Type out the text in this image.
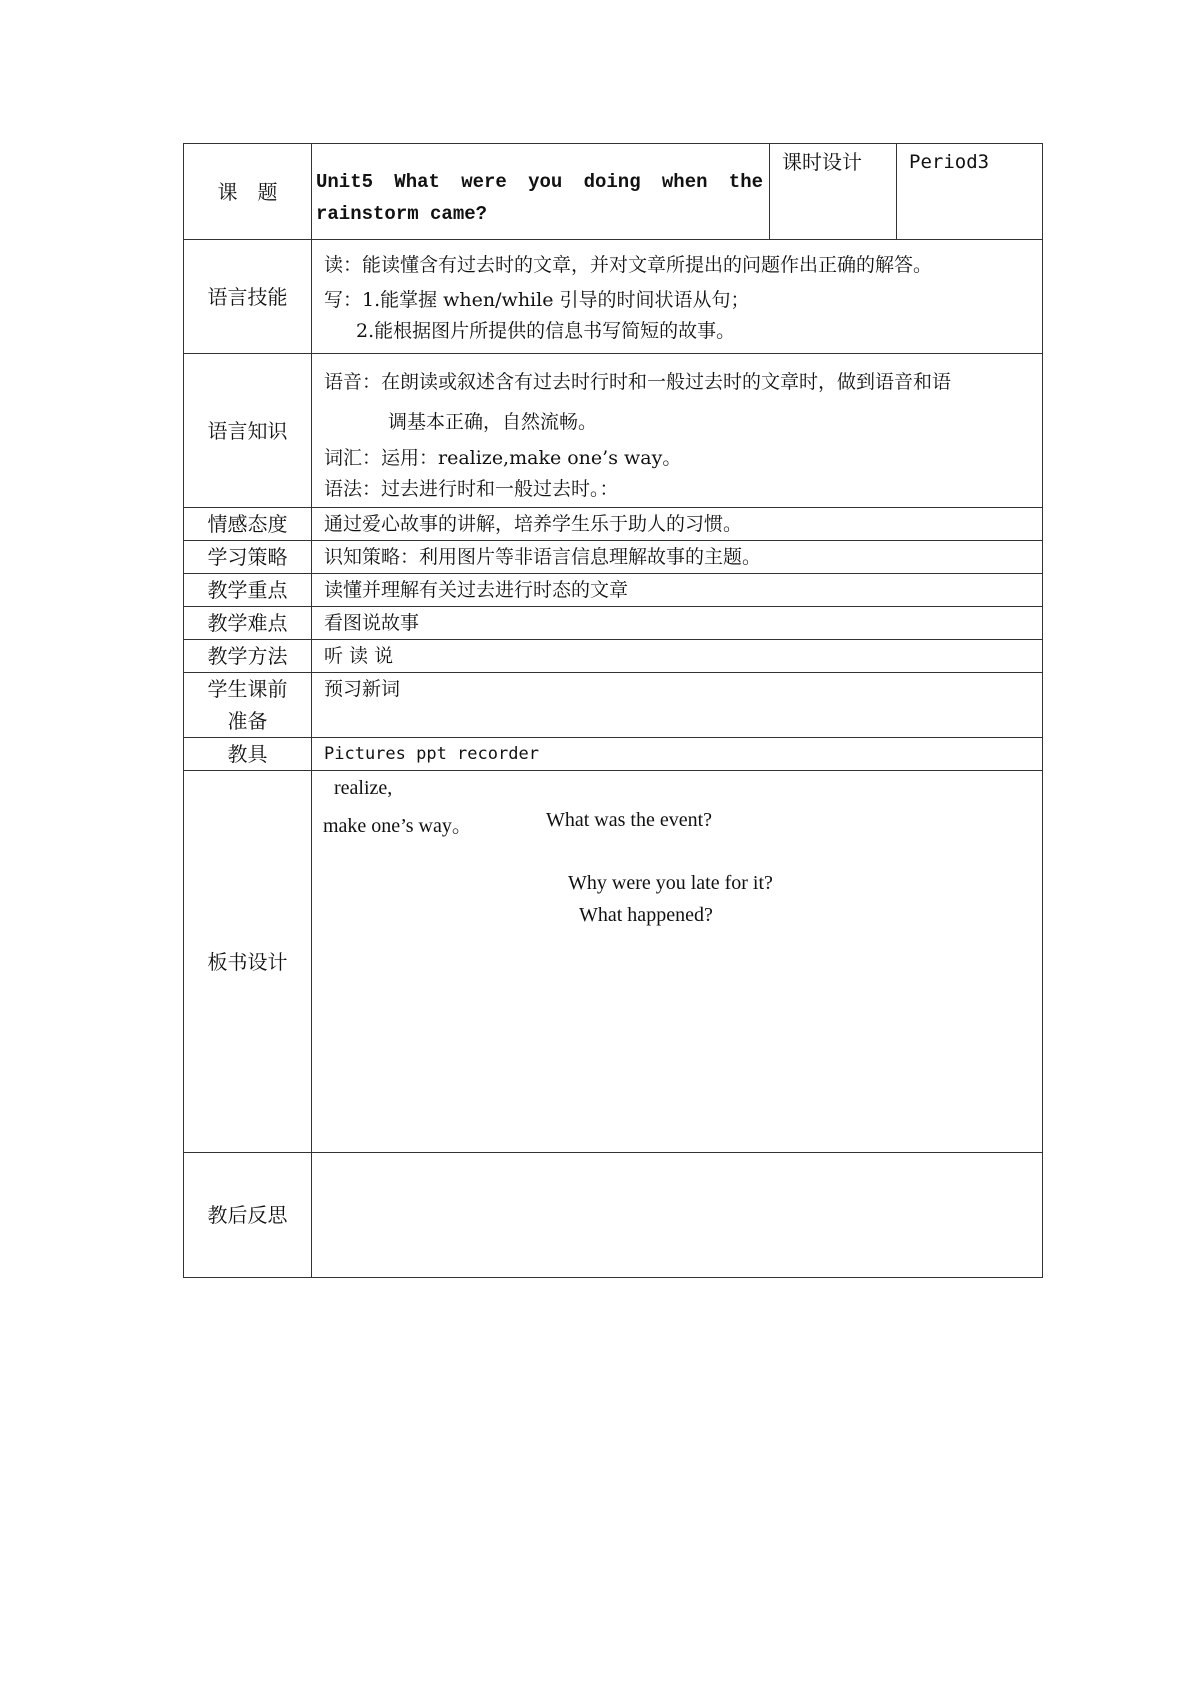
课　题	Unit5 What were you doing when the rainstorm came?	课时设计	Period3
语言技能	读：能读懂含有过去时的文章，并对文章所提出的问题作出正确的解答。
写：1.能掌握 when/while 引导的时间状语从句；
2.能根据图片所提供的信息书写简短的故事。		

语言知识	语音：在朗读或叙述含有过去时行时和一般过去时的文章时，做到语音和语
调基本正确，自然流畅。
词汇：运用：realize,make one’s way。
语法：过去进行时和一般过去时。：		

情感态度	通过爱心故事的讲解，培养学生乐于助人的习惯。		
学习策略	识知策略：利用图片等非语言信息理解故事的主题。		
教学重点	读懂并理解有关过去进行时态的文章		
教学难点	看图说故事		
教学方法	听 读 说		
学生课前准备	预习新词		
教具	Pictures ppt recorder		
板书设计	realize,
make one’s way。 What was the event?
Why were you late for it?
What happened?		

教后反思			
